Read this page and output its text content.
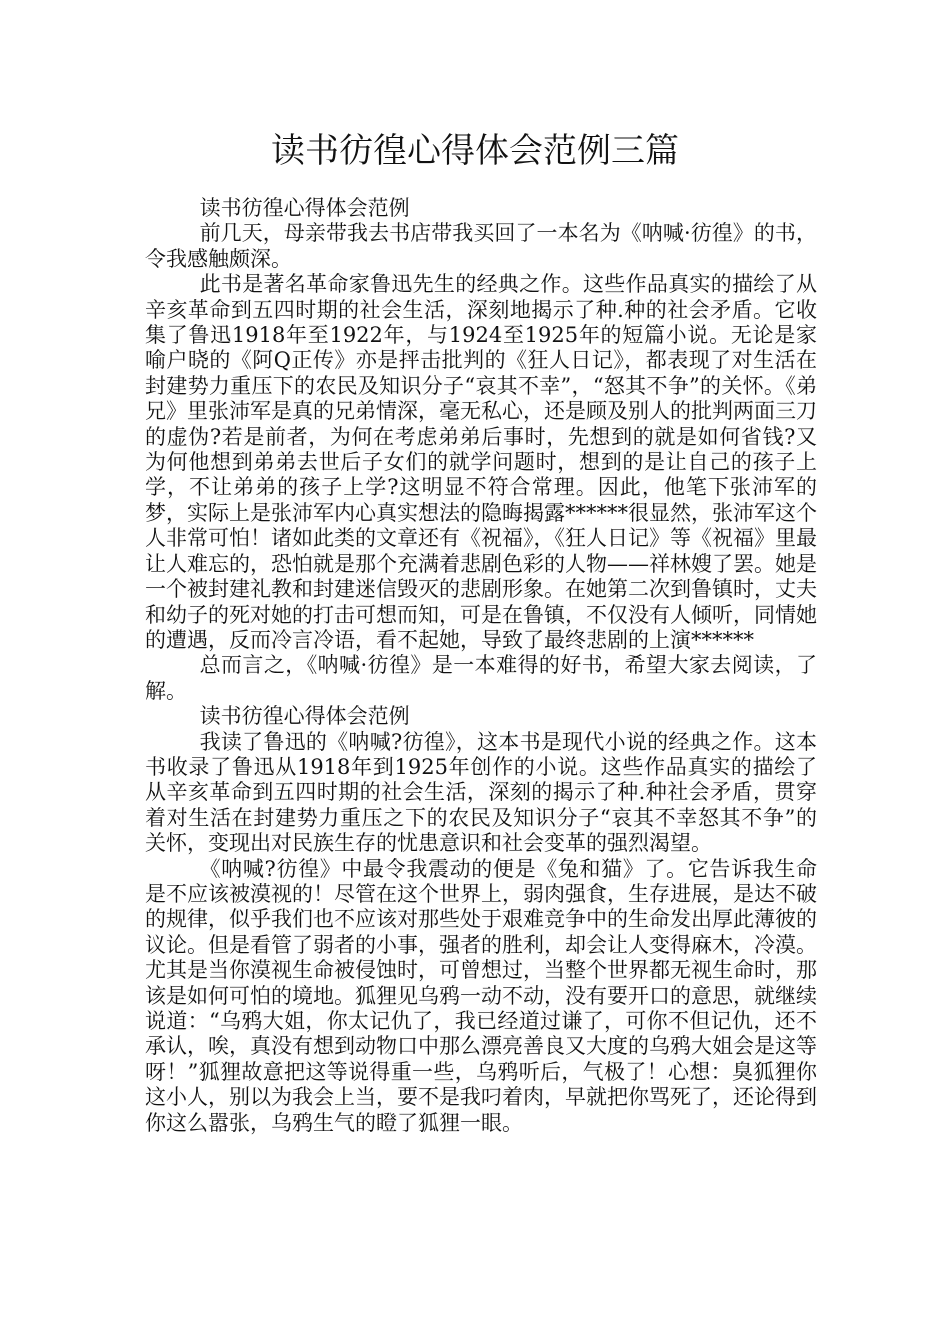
读书彷徨心得体会范例三篇

读书彷徨心得体会范例

前几天，母亲带我去书店带我买回了一本名为《呐喊·彷徨》的书，令我感触颇深。

此书是著名革命家鲁迅先生的经典之作。这些作品真实的描绘了从辛亥革命到五四时期的社会生活，深刻地揭示了种.种的社会矛盾。它收集了鲁迅1918年至1922年，与1924至1925年的短篇小说。无论是家喻户晓的《阿Q正传》亦是抨击批判的《狂人日记》，都表现了对生活在封建势力重压下的农民及知识分子“哀其不幸”，“怒其不争”的关怀。《弟兄》里张沛军是真的兄弟情深，毫无私心，还是顾及别人的批判两面三刀的虚伪?若是前者，为何在考虑弟弟后事时，先想到的就是如何省钱?又为何他想到弟弟去世后子女们的就学问题时，想到的是让自己的孩子上学，不让弟弟的孩子上学?这明显不符合常理。因此，他笔下张沛军的梦，实际上是张沛军内心真实想法的隐晦揭露******很显然，张沛军这个人非常可怕！诸如此类的文章还有《祝福》，《狂人日记》等《祝福》里最让人难忘的，恐怕就是那个充满着悲剧色彩的人物——祥林嫂了罢。她是一个被封建礼教和封建迷信毁灭的悲剧形象。在她第二次到鲁镇时，丈夫和幼子的死对她的打击可想而知，可是在鲁镇，不仅没有人倾听，同情她的遭遇，反而冷言冷语，看不起她，导致了最终悲剧的上演******

总而言之，《呐喊·彷徨》是一本难得的好书，希望大家去阅读，了解。

读书彷徨心得体会范例

我读了鲁迅的《呐喊?彷徨》，这本书是现代小说的经典之作。这本书收录了鲁迅从1918年到1925年创作的小说。这些作品真实的描绘了从辛亥革命到五四时期的社会生活，深刻的揭示了种.种社会矛盾，贯穿着对生活在封建势力重压之下的农民及知识分子“哀其不幸怒其不争”的关怀，变现出对民族生存的忧患意识和社会变革的强烈渴望。

《呐喊?彷徨》中最令我震动的便是《兔和猫》了。它告诉我生命是不应该被漠视的！尽管在这个世界上，弱肉强食，生存进展，是达不破的规律，似乎我们也不应该对那些处于艰难竞争中的生命发出厚此薄彼的议论。但是看管了弱者的小事，强者的胜利，却会让人变得麻木，冷漠。尤其是当你漠视生命被侵蚀时，可曾想过，当整个世界都无视生命时，那该是如何可怕的境地。狐狸见乌鸦一动不动，没有要开口的意思，就继续说道：“乌鸦大姐，你太记仇了，我已经道过谦了，可你不但记仇，还不承认，唉，真没有想到动物口中那么漂亮善良又大度的乌鸦大姐会是这等呀！”狐狸故意把这等说得重一些，乌鸦听后，气极了！心想：臭狐狸你这小人，别以为我会上当，要不是我叼着肉，早就把你骂死了，还论得到你这么嚣张，乌鸦生气的瞪了狐狸一眼。
